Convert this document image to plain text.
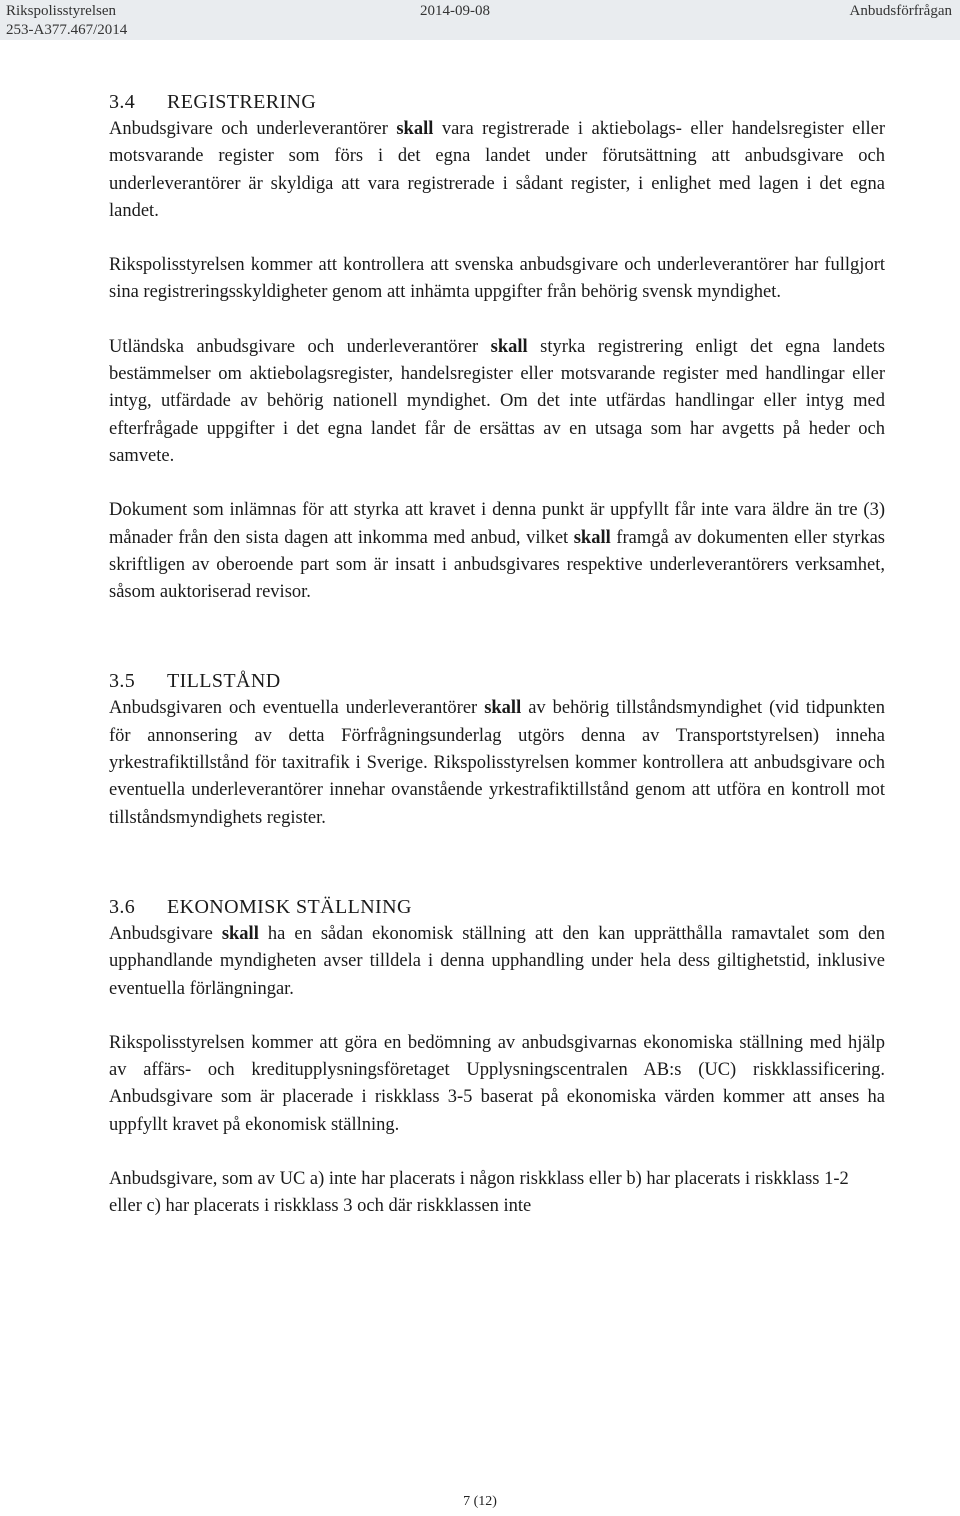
Rikspolisstyrelsen
253-A377.467/2014
2014-09-08	Anbudsförfrågan
3.4 REGISTRERING

Anbudsgivare och underleverantörer skall vara registrerade i aktiebolags- eller handelsregister eller motsvarande register som förs i det egna landet under förutsättning att anbudsgivare och underleverantörer är skyldiga att vara registrerade i sådant register, i enlighet med lagen i det egna landet.

Rikspolisstyrelsen kommer att kontrollera att svenska anbudsgivare och underleverantörer har fullgjort sina registreringsskyldigheter genom att inhämta uppgifter från behörig svensk myndighet.

Utländska anbudsgivare och underleverantörer skall styrka registrering enligt det egna landets bestämmelser om aktiebolagsregister, handelsregister eller motsvarande register med handlingar eller intyg, utfärdade av behörig nationell myndighet. Om det inte utfärdas handlingar eller intyg med efterfrågade uppgifter i det egna landet får de ersättas av en utsaga som har avgetts på heder och samvete.

Dokument som inlämnas för att styrka att kravet i denna punkt är uppfyllt får inte vara äldre än tre (3) månader från den sista dagen att inkomma med anbud, vilket skall framgå av dokumenten eller styrkas skriftligen av oberoende part som är insatt i anbudsgivares respektive underleverantörers verksamhet, såsom auktoriserad revisor.

3.5 TILLSTÅND

Anbudsgivaren och eventuella underleverantörer skall av behörig tillståndsmyndighet (vid tidpunkten för annonsering av detta Förfrågningsunderlag utgörs denna av Transportstyrelsen) inneha yrkestrafiktillstånd för taxitrafik i Sverige. Rikspolisstyrelsen kommer kontrollera att anbudsgivare och eventuella underleverantörer innehar ovanstående yrkestrafiktillstånd genom att utföra en kontroll mot tillståndsmyndighets register.

3.6 EKONOMISK STÄLLNING

Anbudsgivare skall ha en sådan ekonomisk ställning att den kan upprätthålla ramavtalet som den upphandlande myndigheten avser tilldela i denna upphandling under hela dess giltighetstid, inklusive eventuella förlängningar.

Rikspolisstyrelsen kommer att göra en bedömning av anbudsgivarnas ekonomiska ställning med hjälp av affärs- och kreditupplysningsföretaget Upplysningscentralen AB:s (UC) riskklassificering. Anbudsgivare som är placerade i riskklass 3-5 baserat på ekonomiska värden kommer att anses ha uppfyllt kravet på ekonomisk ställning.

Anbudsgivare, som av UC a) inte har placerats i någon riskklass eller b) har placerats i riskklass 1-2 eller c) har placerats i riskklass 3 och där riskklassen inte

7 (12)
